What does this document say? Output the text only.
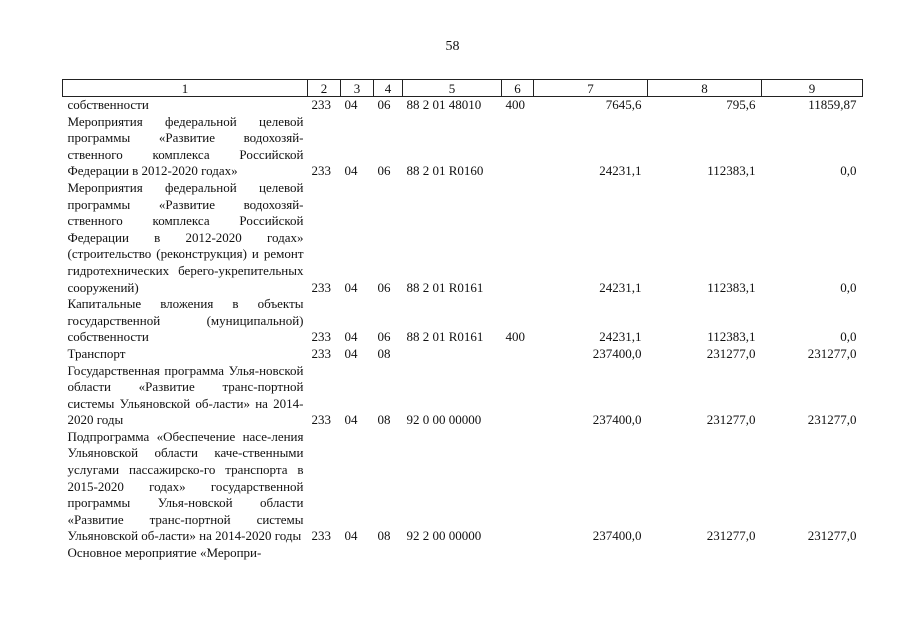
58
1	2	3	4	5	6	7	8	9
собственности	233	04	06	88 2 01 48010	400	7645,6	795,6	11859,87
Мероприятия федеральной целевой программы «Развитие водохозяй-ственного комплекса Российской Федерации в 2012-2020 годах»	233	04	06	88 2 01 R0160		24231,1	112383,1	0,0
Мероприятия федеральной целевой программы «Развитие водохозяй-ственного комплекса Российской Федерации в 2012-2020 годах» (строительство (реконструкция) и ремонт гидротехнических берего-укрепительных сооружений)	233	04	06	88 2 01 R0161		24231,1	112383,1	0,0
Капитальные вложения в объекты государственной (муниципальной) собственности	233	04	06	88 2 01 R0161	400	24231,1	112383,1	0,0
Транспорт	233	04	08			237400,0	231277,0	231277,0
Государственная программа Улья-новской области «Развитие транс-портной системы Ульяновской об-ласти» на 2014-2020 годы	233	04	08	92 0 00 00000		237400,0	231277,0	231277,0
Подпрограмма «Обеспечение насе-ления Ульяновской области каче-ственными услугами пассажирско-го транспорта в 2015-2020 годах» государственной программы Улья-новской области «Развитие транс-портной системы Ульяновской об-ласти» на 2014-2020 годы	233	04	08	92 2 00 00000		237400,0	231277,0	231277,0
Основное мероприятие «Меропри-								
